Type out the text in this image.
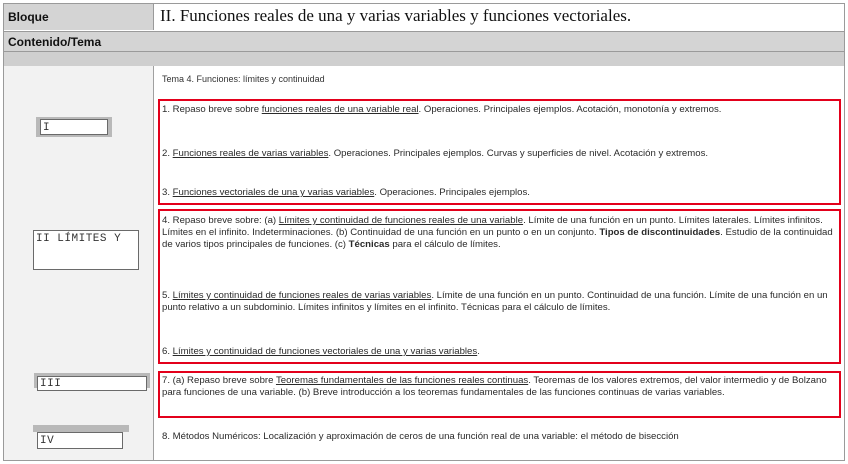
Bloque	II. Funciones reales de una y varias variables y funciones vectoriales.
Contenido/Tema
I
II LÍMITES Y
III
IV
Tema 4. Funciones: límites y continuidad
1. Repaso breve sobre funciones reales de una variable real. Operaciones. Principales ejemplos. Acotación, monotonía y extremos.
2. Funciones reales de varias variables. Operaciones. Principales ejemplos. Curvas y superficies de nivel. Acotación y extremos.
3. Funciones vectoriales de una y varias variables. Operaciones. Principales ejemplos.
4. Repaso breve sobre: (a) Límites y continuidad de funciones reales de una variable. Límite de una función en un punto. Límites laterales. Límites infinitos. Límites en el infinito. Indeterminaciones. (b) Continuidad de una función en un punto o en un conjunto. Tipos de discontinuidades. Estudio de la continuidad de varios tipos principales de funciones. (c) Técnicas para el cálculo de límites.
5. Límites y continuidad de funciones reales de varias variables. Límite de una función en un punto. Continuidad de una función. Límite de una función en un punto relativo a un subdominio. Límites infinitos y límites en el infinito. Técnicas para el cálculo de límites.
6. Límites y continuidad de funciones vectoriales de una y varias variables.
7. (a) Repaso breve sobre Teoremas fundamentales de las funciones reales continuas. Teoremas de los valores extremos, del valor intermedio y de Bolzano para funciones de una variable. (b) Breve introducción a los teoremas fundamentales de las funciones continuas de varias variables.
8. Métodos Numéricos: Localización y aproximación de ceros de una función real de una variable: el método de bisección
